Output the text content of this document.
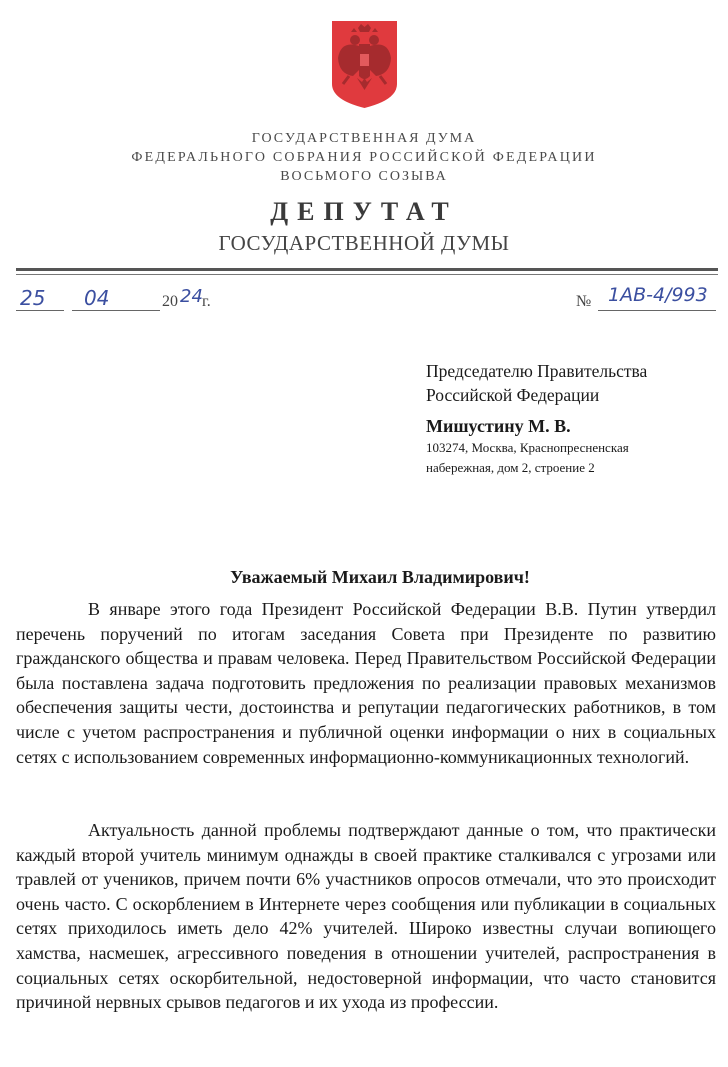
ГОСУДАРСТВЕННАЯ ДУМА
ФЕДЕРАЛЬНОГО СОБРАНИЯ РОССИЙСКОЙ ФЕДЕРАЦИИ
ВОСЬМОГО СОЗЫВА
ДЕПУТАТ
ГОСУДАРСТВЕННОЙ ДУМЫ
25 04	20 24 г.	№ 1АВ-4/993
Председателю Правительства
Российской Федерации
Мишустину М. В.
103274, Москва, Краснопресненская
набережная, дом 2, строение 2
Уважаемый Михаил Владимирович!

В январе этого года Президент Российской Федерации В.В. Путин утвердил перечень поручений по итогам заседания Совета при Президенте по развитию гражданского общества и правам человека. Перед Правительством Российской Федерации была поставлена задача подготовить предложения по реализации правовых механизмов обеспечения защиты чести, достоинства и репутации педагогических работников, в том числе с учетом распространения и публичной оценки информации о них в социальных сетях с использованием современных информационно-коммуникационных технологий.

Актуальность данной проблемы подтверждают данные о том, что практически каждый второй учитель минимум однажды в своей практике сталкивался с угрозами или травлей от учеников, причем почти 6% участников опросов отмечали, что это происходит очень часто. С оскорблением в Интернете через сообщения или публикации в социальных сетях приходилось иметь дело 42% учителей. Широко известны случаи вопиющего хамства, насмешек, агрессивного поведения в отношении учителей, распространения в социальных сетях оскорбительной, недостоверной информации, что часто становится причиной нервных срывов педагогов и их ухода из профессии.
